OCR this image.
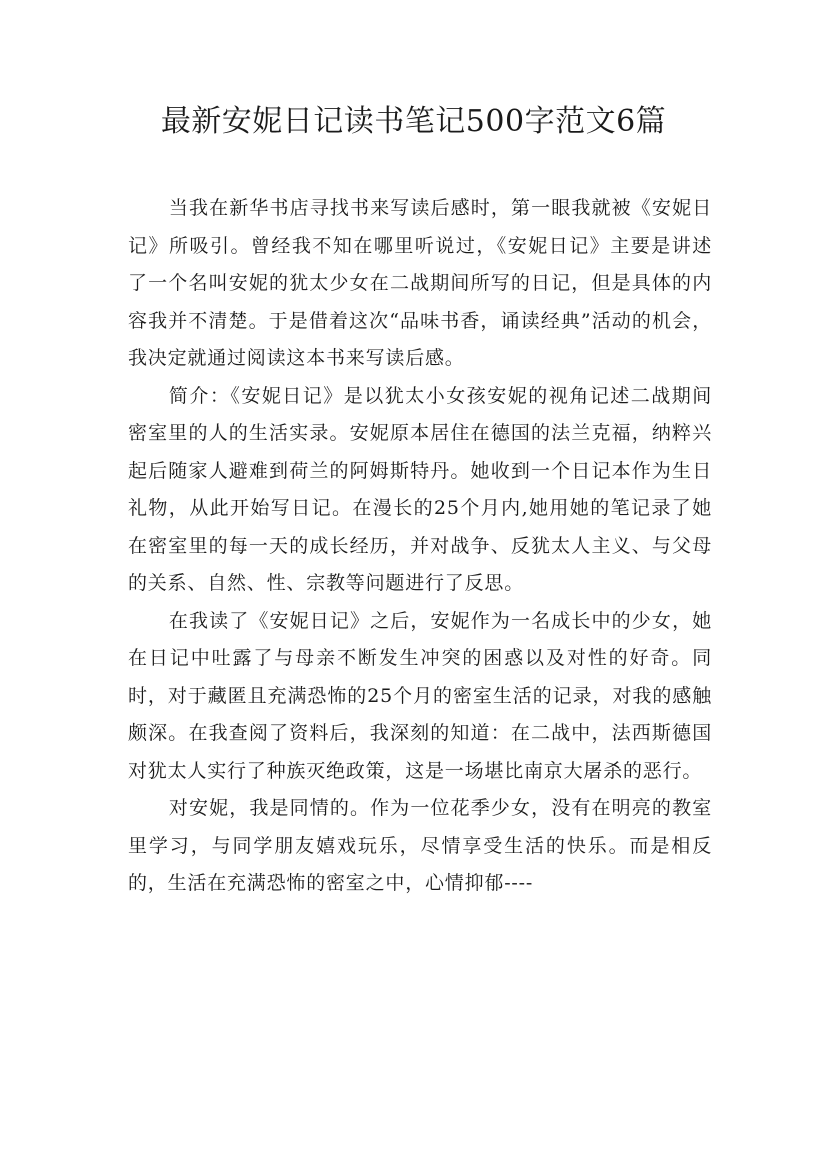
最新安妮日记读书笔记500字范文6篇

当我在新华书店寻找书来写读后感时，第一眼我就被《安妮日记》所吸引。曾经我不知在哪里听说过，《安妮日记》主要是讲述了一个名叫安妮的犹太少女在二战期间所写的日记，但是具体的内容我并不清楚。于是借着这次“品味书香，诵读经典”活动的机会，我决定就通过阅读这本书来写读后感。

简介：《安妮日记》是以犹太小女孩安妮的视角记述二战期间密室里的人的生活实录。安妮原本居住在德国的法兰克福，纳粹兴起后随家人避难到荷兰的阿姆斯特丹。她收到一个日记本作为生日礼物，从此开始写日记。在漫长的25个月内,她用她的笔记录了她在密室里的每一天的成长经历，并对战争、反犹太人主义、与父母的关系、自然、性、宗教等问题进行了反思。

在我读了《安妮日记》之后，安妮作为一名成长中的少女，她在日记中吐露了与母亲不断发生冲突的困惑以及对性的好奇。同时，对于藏匿且充满恐怖的25个月的密室生活的记录，对我的感触颇深。在我查阅了资料后，我深刻的知道：在二战中，法西斯德国对犹太人实行了种族灭绝政策，这是一场堪比南京大屠杀的恶行。

对安妮，我是同情的。作为一位花季少女，没有在明亮的教室里学习，与同学朋友嬉戏玩乐，尽情享受生活的快乐。而是相反的，生活在充满恐怖的密室之中，心情抑郁----
